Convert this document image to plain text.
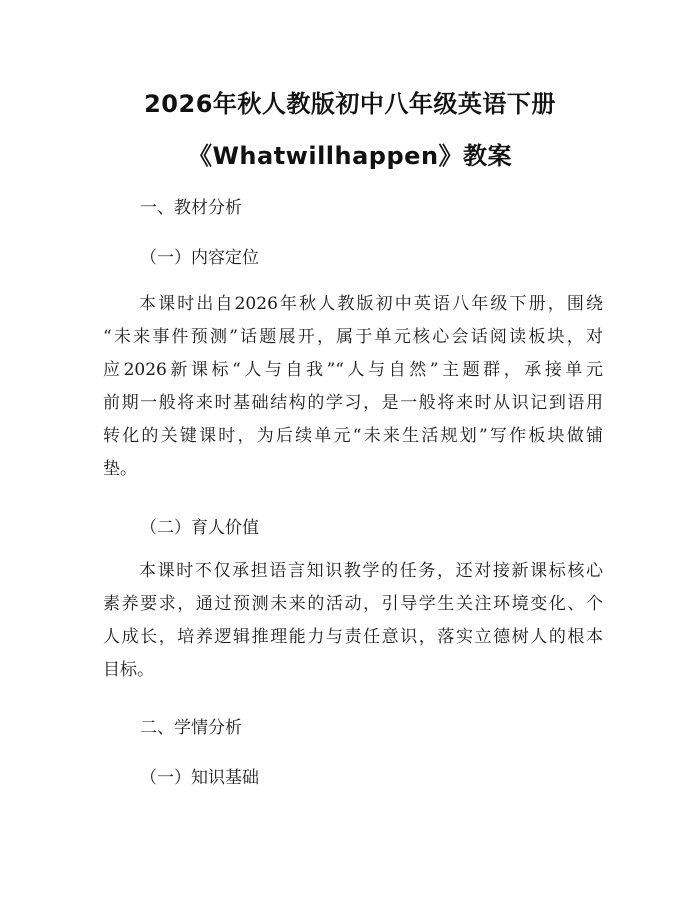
2026年秋人教版初中八年级英语下册
《Whatwillhappen》教案
一、教材分析
（一）内容定位
本课时出自2026年秋人教版初中英语八年级下册，围绕
“未来事件预测”话题展开，属于单元核心会话阅读板块，对
应2026新课标“人与自我”“人与自然”主题群，承接单元
前期一般将来时基础结构的学习，是一般将来时从识记到语用
转化的关键课时，为后续单元“未来生活规划”写作板块做铺
垫。
（二）育人价值
本课时不仅承担语言知识教学的任务，还对接新课标核心
素养要求，通过预测未来的活动，引导学生关注环境变化、个
人成长，培养逻辑推理能力与责任意识，落实立德树人的根本
目标。
二、学情分析
（一）知识基础
